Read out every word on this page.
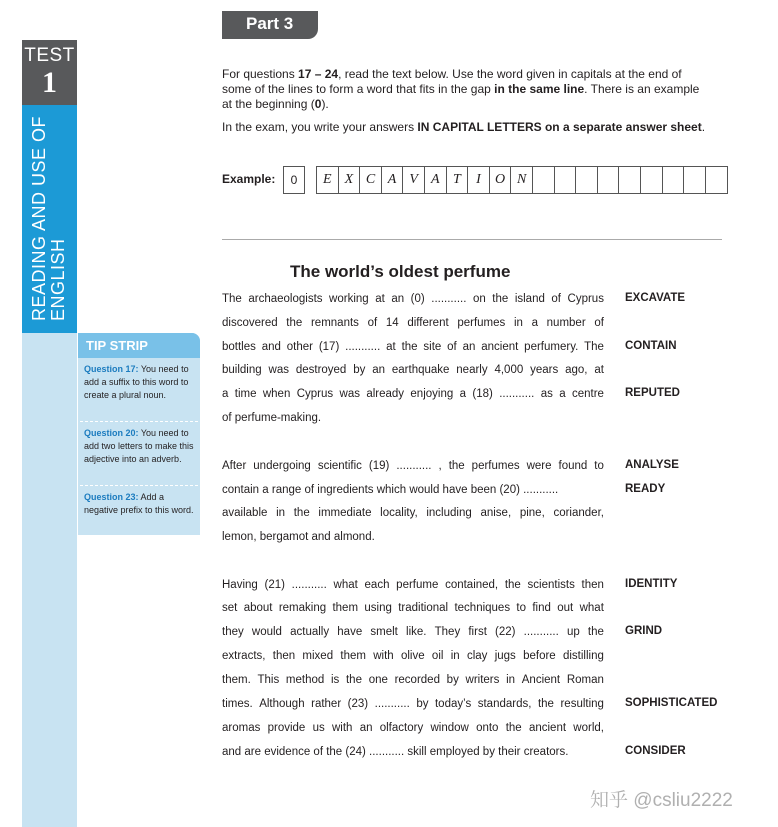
TEST
1
READING AND USE OF ENGLISH
TIP STRIP
Question 17: You need to add a suffix to this word to create a plural noun.
Question 20: You need to add two letters to make this adjective into an adverb.
Question 23: Add a negative prefix to this word.
Part 3
For questions 17 – 24, read the text below. Use the word given in capitals at the end of some of the lines to form a word that fits in the gap in the same line. There is an example at the beginning (0).
In the exam, you write your answers IN CAPITAL LETTERS on a separate answer sheet.
Example:	0	E X C A V A T	I	O N
The world’s oldest perfume
The archaeologists working at an (0) ........... on the island of Cyprus
discovered the remnants of 14 different perfumes in a number of
bottles and other (17) ........... at the site of an ancient perfumery. The
building was destroyed by an earthquake nearly 4,000 years ago, at
a time when Cyprus was already enjoying a (18) ........... as a centre
of perfume-making.
After undergoing scientific (19) ........... , the perfumes were found to
contain a range of ingredients which would have been (20) ...........
available in the immediate locality, including anise, pine, coriander,
lemon, bergamot and almond.
Having (21) ........... what each perfume contained, the scientists then
set about remaking them using traditional techniques to find out what
they would actually have smelt like. They first (22) ........... up the
extracts, then mixed them with olive oil in clay jugs before distilling
them. This method is the one recorded by writers in Ancient Roman
times. Although rather (23) ........... by today’s standards, the resulting
aromas provide us with an olfactory window onto the ancient world,
and are evidence of the (24) ........... skill employed by their creators.
EXCAVATE
CONTAIN
REPUTED
ANALYSE
READY
IDENTITY
GRIND
SOPHISTICATED
CONSIDER
知乎 @csliu2222
